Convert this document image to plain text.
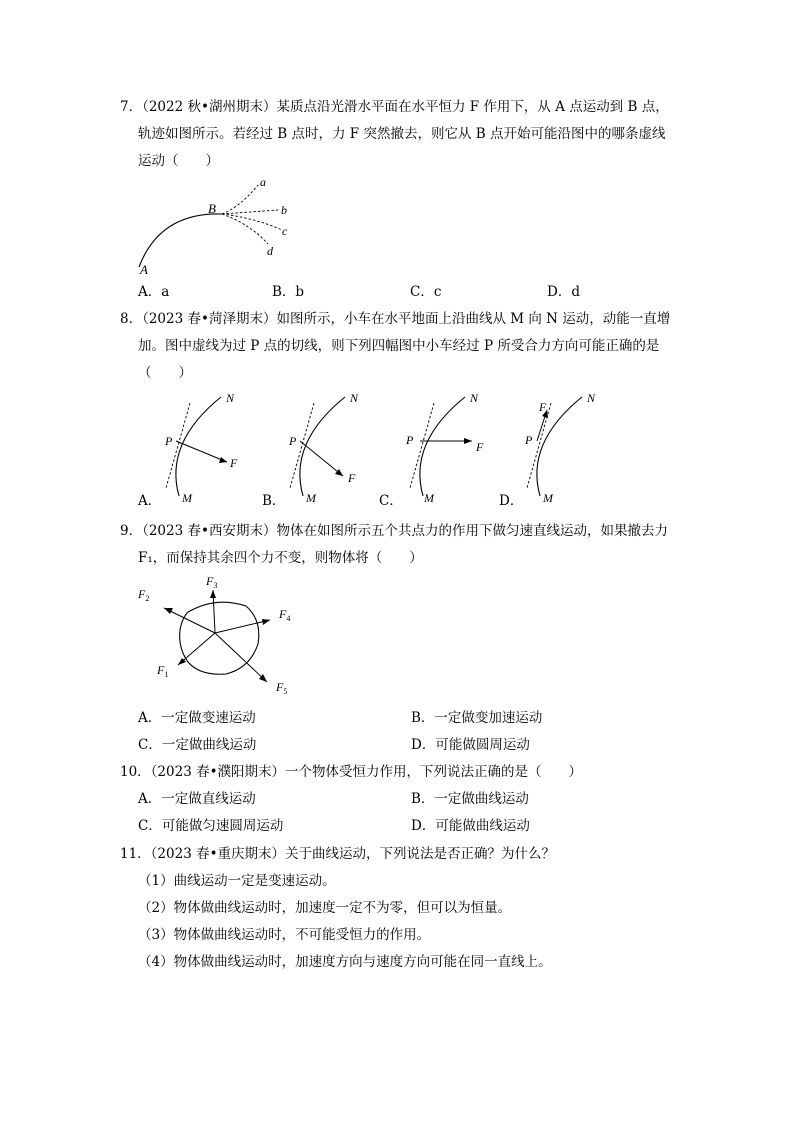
7．（2022 秋•湖州期末）某质点沿光滑水平面在水平恒力 F 作用下，从 A 点运动到 B 点，
轨迹如图所示。若经过 B 点时，力 F 突然撤去，则它从 B 点开始可能沿图中的哪条虚线
运动（　　）
a
b
c
d
B
A
A．a	B．b	C．c	D．d
8．（2023 春•菏泽期末）如图所示，小车在水平地面上沿曲线从 M 向 N 运动，动能一直增
加。图中虚线为过 P 点的切线，则下列四幅图中小车经过 P 所受合力方向可能正确的是
（　　）
N
P
F
M
A．
N
P
F
M
B．
N
P	F
M
C．
N
P
F
M
D．
9．（2023 春•西安期末）物体在如图所示五个共点力的作用下做匀速直线运动，如果撤去力
F₁，而保持其余四个力不变，则物体将（　　）
$F_3$
$F_2$
$F_4$
$F_1$
$F_5$
A．一定做变速运动	B．一定做变加速运动
C．一定做曲线运动	D．可能做圆周运动
10．（2023 春•濮阳期末）一个物体受恒力作用，下列说法正确的是（　　）
A．一定做直线运动	B．一定做曲线运动
C．可能做匀速圆周运动	D．可能做曲线运动
11．（2023 春•重庆期末）关于曲线运动，下列说法是否正确？为什么？
（1）曲线运动一定是变速运动。
（2）物体做曲线运动时，加速度一定不为零，但可以为恒量。
（3）物体做曲线运动时，不可能受恒力的作用。
（4）物体做曲线运动时，加速度方向与速度方向可能在同一直线上。
